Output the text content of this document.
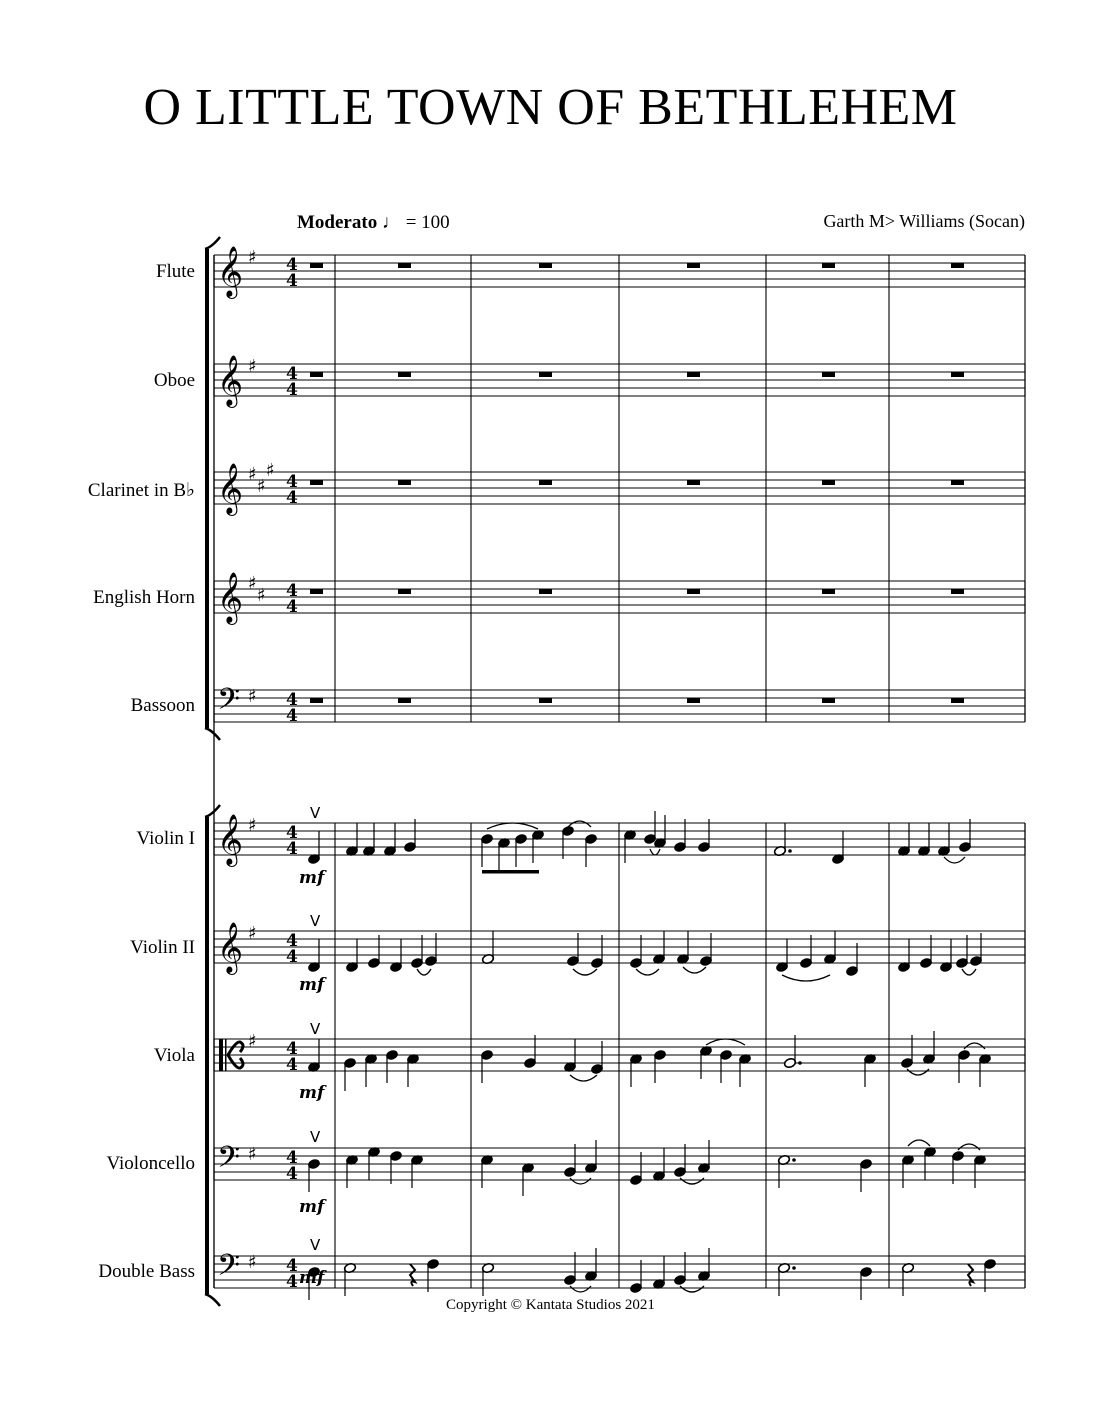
O LITTLE TOWN OF BETHLEHEM
Moderato ♩ = 100	Garth M> Williams (Socan)
Flute
Oboe
Clarinet in B♭
English Horn
Bassoon
Violin I
Violin II
Viola
Violoncello
Double Bass
𝄞 ♯ 4
4
𝄞 ♯ 4
4
𝄞 ♯
♯
♯
4
4
𝄞 ♯
♯ 4
4
𝄢 ♯ 4
4
𝄞 ♯ 4
4
𝄞 ♯ 4
4
♯ 4
4
𝄢 ♯ 4
4
𝄢 ♯ 4
4
V
mf
V
mf
V
mf
V
mf
V
mf
Copyright © Kantata Studios 2021
